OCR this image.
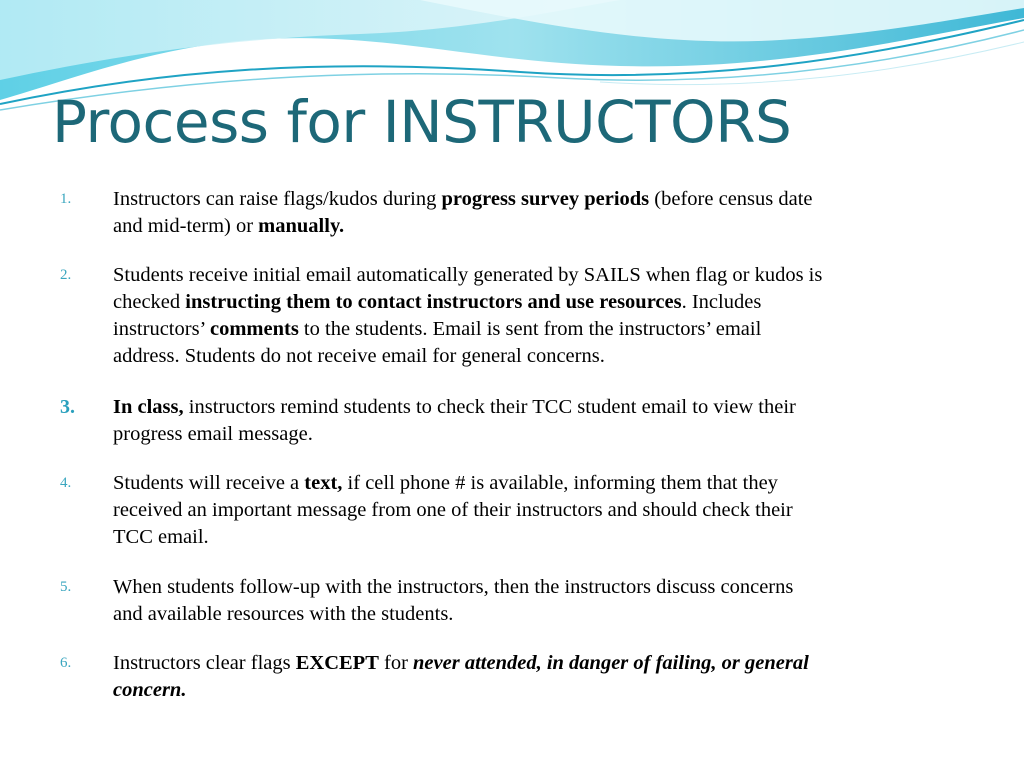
Process for INSTRUCTORS
1. Instructors can raise flags/kudos during progress survey periods (before census date
and mid-term) or manually.
2. Students receive initial email automatically generated by SAILS when flag or kudos is
checked instructing them to contact instructors and use resources. Includes
instructors’ comments to the students. Email is sent from the instructors’ email
address. Students do not receive email for general concerns.
3. In class, instructors remind students to check their TCC student email to view their
progress email message.
4. Students will receive a text, if cell phone # is available, informing them that they
received an important message from one of their instructors and should check their
TCC email.
5. When students follow-up with the instructors, then the instructors discuss concerns
and available resources with the students.
6. Instructors clear flags EXCEPT for never attended, in danger of failing, or general
concern.
